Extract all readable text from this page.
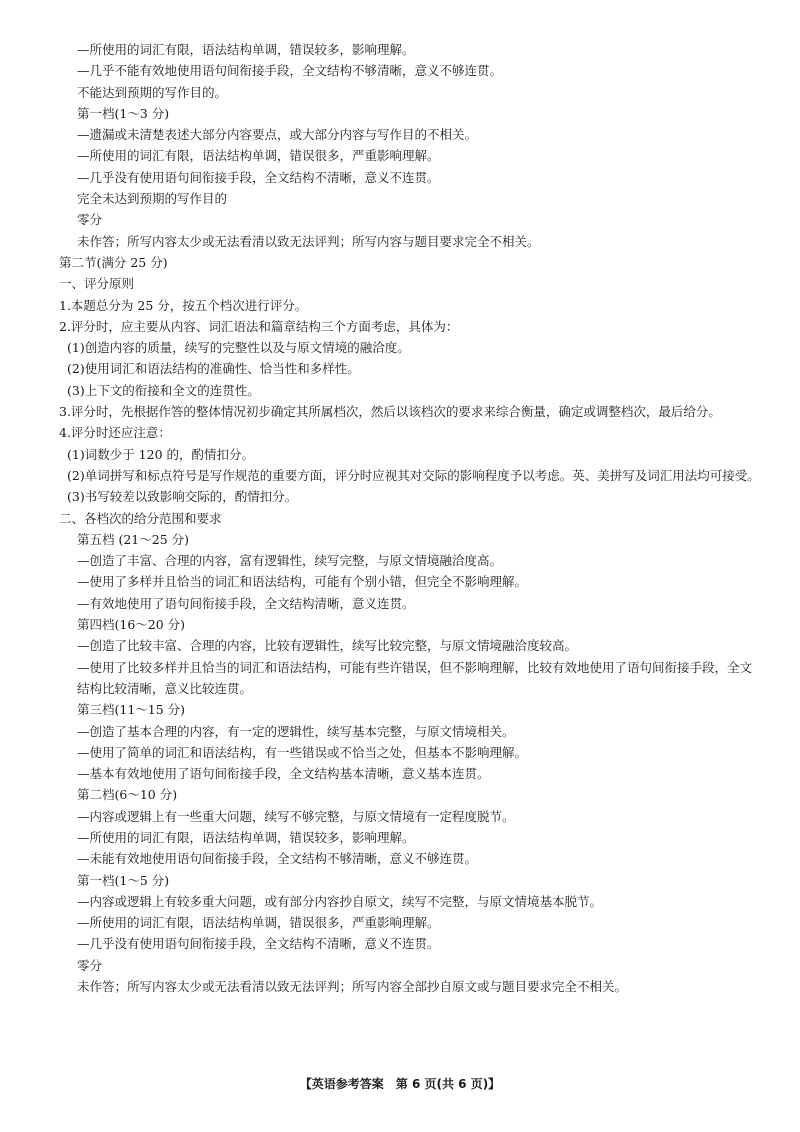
—所使用的词汇有限，语法结构单调，错误较多，影响理解。
—几乎不能有效地使用语句间衔接手段，全文结构不够清晰，意义不够连贯。
不能达到预期的写作目的。
第一档(1～3 分)
—遗漏或未清楚表述大部分内容要点，或大部分内容与写作目的不相关。
—所使用的词汇有限，语法结构单调，错误很多，严重影响理解。
—几乎没有使用语句间衔接手段，全文结构不清晰，意义不连贯。
完全未达到预期的写作目的
零分
未作答；所写内容太少或无法看清以致无法评判；所写内容与题目要求完全不相关。
第二节(满分 25 分)
一、评分原则
1.本题总分为 25 分，按五个档次进行评分。
2.评分时，应主要从内容、词汇语法和篇章结构三个方面考虑，具体为：
(1)创造内容的质量，续写的完整性以及与原文情境的融洽度。
(2)使用词汇和语法结构的准确性、恰当性和多样性。
(3)上下文的衔接和全文的连贯性。
3.评分时，先根据作答的整体情况初步确定其所属档次，然后以该档次的要求来综合衡量，确定或调整档次，最后给分。
4.评分时还应注意：
(1)词数少于 120 的，酌情扣分。
(2)单词拼写和标点符号是写作规范的重要方面，评分时应视其对交际的影响程度予以考虑。英、美拼写及词汇用法均可接受。
(3)书写较差以致影响交际的，酌情扣分。
二、各档次的给分范围和要求
第五档 (21～25 分)
—创造了丰富、合理的内容，富有逻辑性，续写完整，与原文情境融洽度高。
—使用了多样并且恰当的词汇和语法结构，可能有个别小错，但完全不影响理解。
—有效地使用了语句间衔接手段，全文结构清晰，意义连贯。
第四档(16～20 分)
—创造了比较丰富、合理的内容，比较有逻辑性，续写比较完整，与原文情境融洽度较高。
—使用了比较多样并且恰当的词汇和语法结构，可能有些许错误，但不影响理解，比较有效地使用了语句间衔接手段，全文结构比较清晰，意义比较连贯。
第三档(11～15 分)
—创造了基本合理的内容，有一定的逻辑性，续写基本完整，与原文情境相关。
—使用了简单的词汇和语法结构，有一些错误或不恰当之处，但基本不影响理解。
—基本有效地使用了语句间衔接手段，全文结构基本清晰，意义基本连贯。
第二档(6～10 分)
—内容或逻辑上有一些重大问题，续写不够完整，与原文情境有一定程度脱节。
—所使用的词汇有限，语法结构单调，错误较多，影响理解。
—未能有效地使用语句间衔接手段，全文结构不够清晰，意义不够连贯。
第一档(1～5 分)
—内容或逻辑上有较多重大问题，或有部分内容抄自原文，续写不完整，与原文情境基本脱节。
—所使用的词汇有限，语法结构单调，错误很多，严重影响理解。
—几乎没有使用语句间衔接手段，全文结构不清晰，意义不连贯。
零分
未作答；所写内容太少或无法看清以致无法评判；所写内容全部抄自原文或与题目要求完全不相关。
【英语参考答案　第 6 页(共 6 页)】
